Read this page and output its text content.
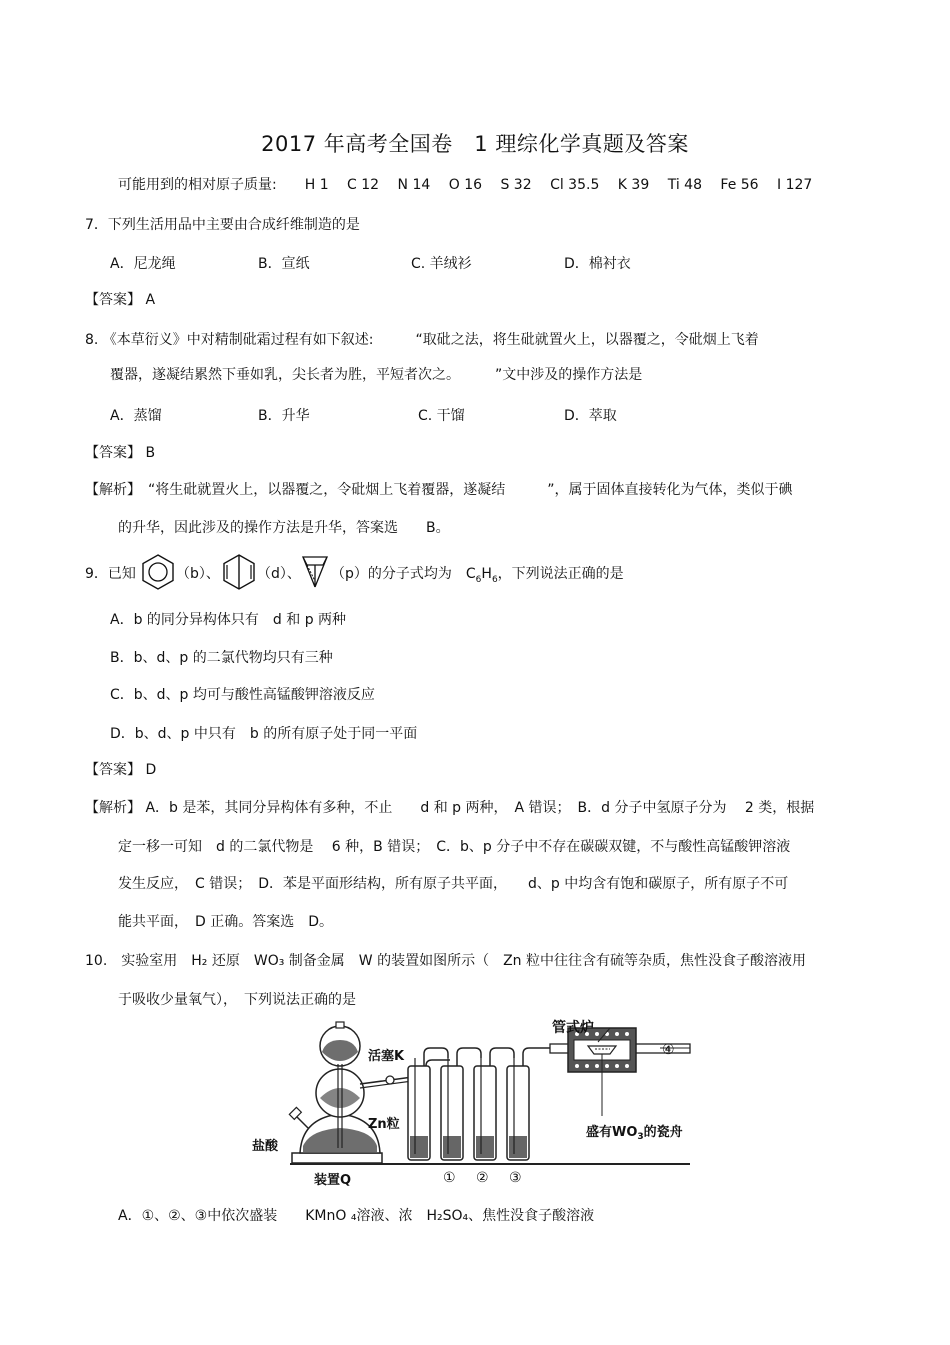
2017 年高考全国卷　1 理综化学真题及答案
可能用到的相对原子质量:　　H 1　 C 12　 N 14　 O 16　 S 32　 Cl 35.5　 K 39　 Ti 48　 Fe 56　 I 127
7．下列生活用品中主要由合成纤维制造的是
A．尼龙绳	B．宣纸	C. 羊绒衫	D．棉衬衣
【答案】 A
8. 《本草衍义》中对精制砒霜过程有如下叙述:　　　“取砒之法，将生砒就置火上，以器覆之，令砒烟上飞着
覆器，遂凝结累然下垂如乳，尖长者为胜，平短者次之。　　　”文中涉及的操作方法是
A．蒸馏	B．升华	C. 干馏	D．萃取
【答案】 B
【解析】　“将生砒就置火上，以器覆之，令砒烟上飞着覆器，遂凝结　　　”，属于固体直接转化为气体，类似于碘
的升华，因此涉及的操作方法是升华，答案选　　B。
9．已知	（b）、	（d）、 （p）的分子式均为　$C_6H_6$，下列说法正确的是
A．b 的同分异构体只有　d 和 p 两种
B．b、d、p 的二氯代物均只有三种
C．b、d、p 均可与酸性高锰酸钾溶液反应
D．b、d、p 中只有　b 的所有原子处于同一平面
【答案】 D
【解析】 A．b 是苯，其同分异构体有多种，不止　　d 和 p 两种，　A 错误；　B．d 分子中氢原子分为　 2 类，根据
定一移一可知　d 的二氯代物是　 6 种，B 错误；　C．b、p 分子中不存在碳碳双键，不与酸性高锰酸钾溶液
发生反应，　C 错误；　D．苯是平面形结构，所有原子共平面，　　d、p 中均含有饱和碳原子，所有原子不可
能共平面，　D 正确。答案选　D。
10.　实验室用　H₂ 还原　WO₃ 制备金属　W 的装置如图所示（　Zn 粒中往往含有硫等杂质，焦性没食子酸溶液用
于吸收少量氧气），　下列说法正确的是
管式炉
活塞K
Zn粒
盐酸
装置Q
盛有$WO_3$的瓷舟
① ② ③
④
A．①、②、③中依次盛装　　KMnO ₄溶液、浓　H₂SO₄、焦性没食子酸溶液
